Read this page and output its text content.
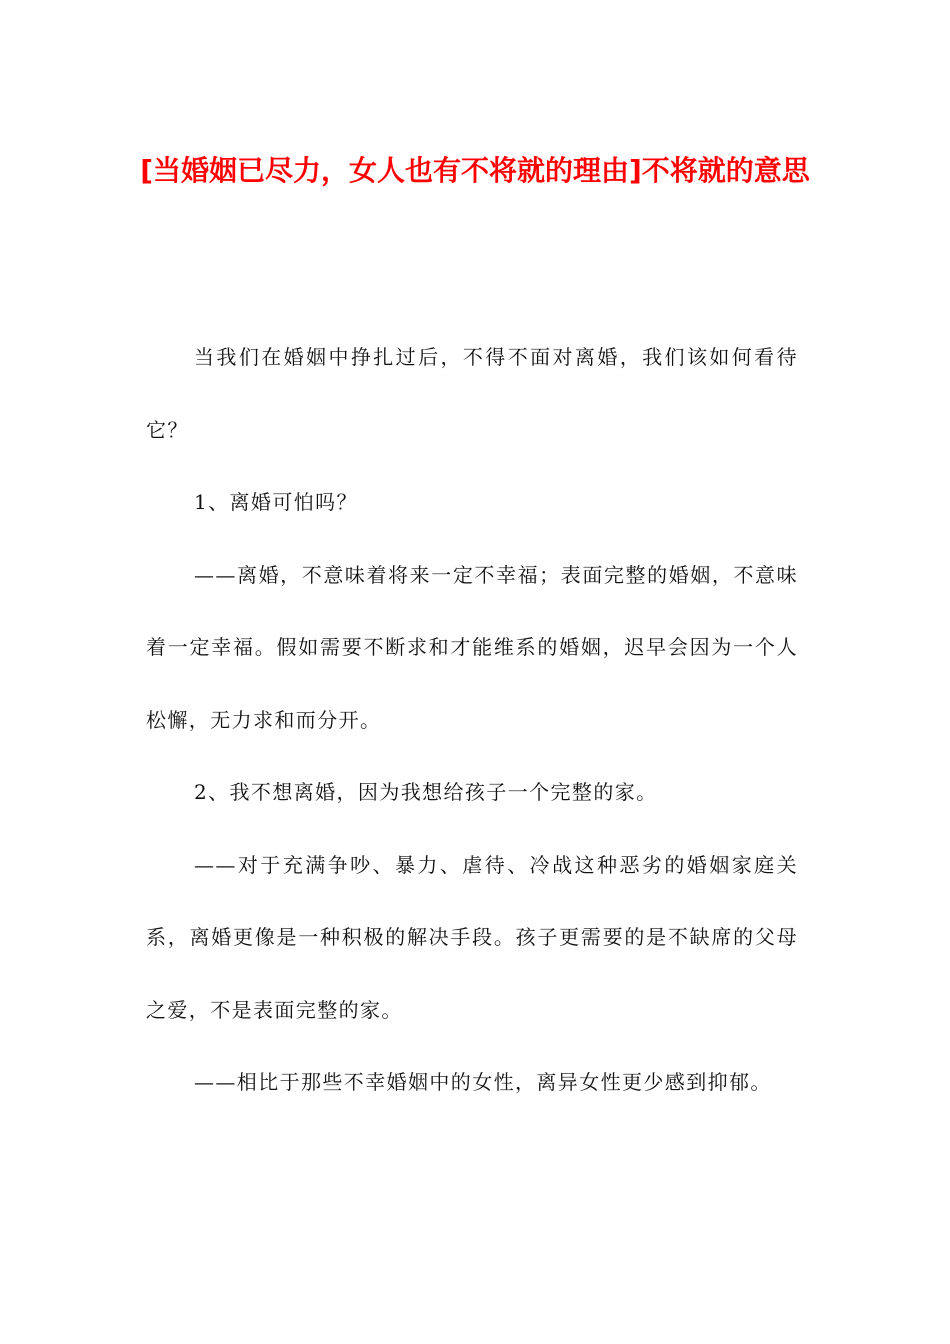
[当婚姻已尽力，女人也有不将就的理由]不将就的意思

当我们在婚姻中挣扎过后，不得不面对离婚，我们该如何看待它？

1、离婚可怕吗？

——离婚，不意味着将来一定不幸福；表面完整的婚姻，不意味着一定幸福。假如需要不断求和才能维系的婚姻，迟早会因为一个人松懈，无力求和而分开。

2、我不想离婚，因为我想给孩子一个完整的家。

——对于充满争吵、暴力、虐待、冷战这种恶劣的婚姻家庭关系，离婚更像是一种积极的解决手段。孩子更需要的是不缺席的父母之爱，不是表面完整的家。

——相比于那些不幸婚姻中的女性，离异女性更少感到抑郁。
